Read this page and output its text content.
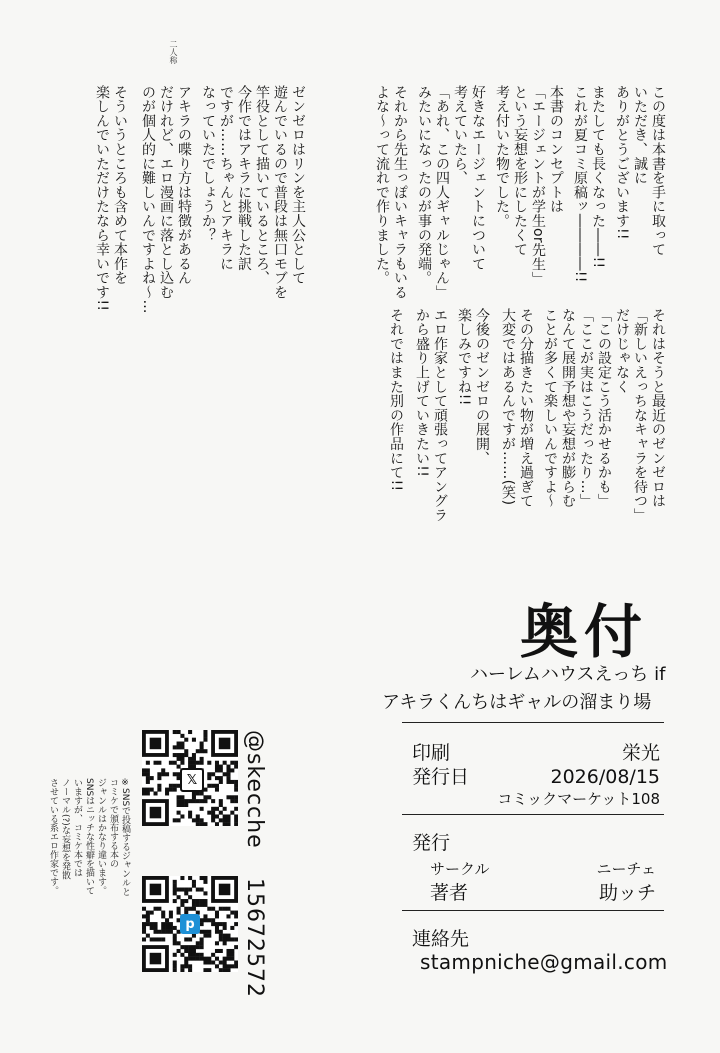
この度は本書を手に取って
いただき、誠に
ありがとうございます!!
またしても長くなった――!!
これが夏コミ原稿ッ――――!!
本書のコンセプトは
「エージェントが学生or先生」
という妄想を形にしたくて
考え付いた物でした。
好きなエージェントについて
考えていたら、
「あれ、この四人ギャルじゃん」
みたいになったのが事の発端。
それから先生っぽいキャラもいる
よな～って流れで作りました。
ゼンゼロはリンを主人公として
遊んでいるので普段は無口モブを
竿役として描いているところ、
今作ではアキラに挑戦した訳
ですが……ちゃんとアキラに
なっていたでしょうか？
アキラの喋り方は特徴があるん
だけれど、エロ漫画に落とし込む
のが個人的に難しいんですよね～…
そういうところも含めて本作を
楽しんでいただけたなら幸いです!!
それはそうと最近のゼンゼロは
「新しいえっちなキャラを待つ」
だけじゃなく
「この設定こう活かせるかも」
「ここが実はこうだったり…」
なんて展開予想や妄想が膨らむ
ことが多くて楽しいんですよ～
その分描きたい物が増え過ぎて
大変ではあるんですが……(笑)
今後のゼンゼロの展開、
楽しみですね!!
エロ作家として頑張ってアングラ
から盛り上げていきたい!!
それではまた別の作品にて!!
二人称
奥付
ハーレムハウスえっち if
アキラくんちはギャルの溜まり場
印刷	栄光
発行日	2026/08/15
コミックマーケット108
発行
サークル	ニーチェ
著者	助ッチ
連絡先
stampniche@gmail.com
@skecche
15672572
𝕏
p
※SNSで投稿するジャンルと
コミケで頒布する本の
ジャンルはかなり違います。
SNSはニッチな性癖を描いて
いますが、コミケ本では
ノーマル(?)な妄想を発散
させている系エロ作家です。
